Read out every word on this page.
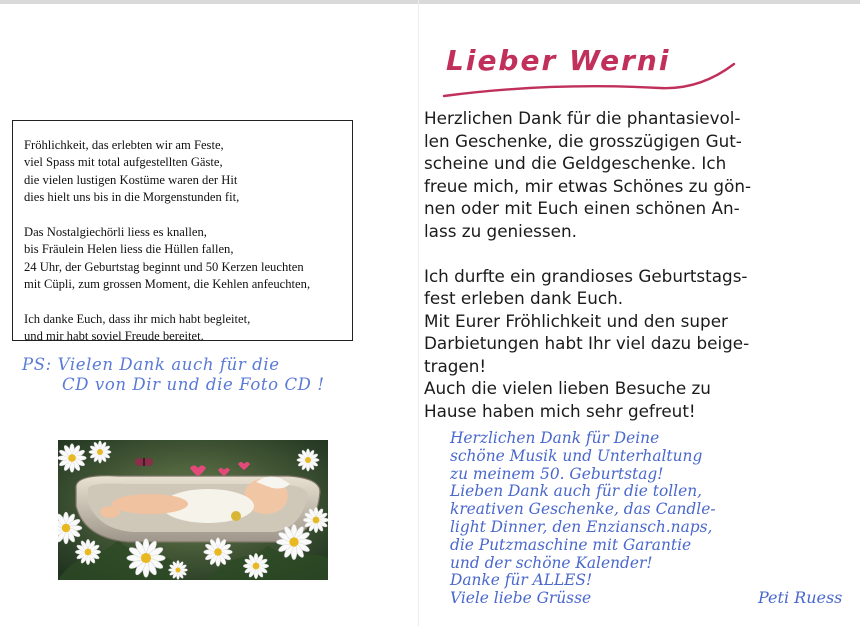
Fröhlichkeit, das erlebten wir am Feste,
viel Spass mit total aufgestellten Gäste,
die vielen lustigen Kostüme waren der Hit
dies hielt uns bis in die Morgenstunden fit,
Das Nostalgiechörli liess es knallen,
bis Fräulein Helen liess die Hüllen fallen,
24 Uhr, der Geburtstag beginnt und 50 Kerzen leuchten
mit Cüpli, zum grossen Moment, die Kehlen anfeuchten,
Ich danke Euch, dass ihr mich habt begleitet,
und mir habt soviel Freude bereitet.
PS: Vielen Dank auch für die
CD von Dir und die Foto CD !
Lieber Werni
Herzlichen Dank für die phantasievol-
len Geschenke, die grosszügigen Gut-
scheine und die Geldgeschenke. Ich
freue mich, mir etwas Schönes zu gön-
nen oder mit Euch einen schönen An-
lass zu geniessen.
Ich durfte ein grandioses Geburtstags-
fest erleben dank Euch.
Mit Eurer Fröhlichkeit und den super
Darbietungen habt Ihr viel dazu beige-
tragen!
Auch die vielen lieben Besuche zu
Hause haben mich sehr gefreut!
Herzlichen Dank für Deine
schöne Musik und Unterhaltung
zu meinem 50. Geburtstag!
Lieben Dank auch für die tollen,
kreativen Geschenke, das Candle-
light Dinner, den Enziansch.naps,
die Putzmaschine mit Garantie
und der schöne Kalender!
Danke für ALLES!
Viele liebe Grüsse	Peti Ruess
